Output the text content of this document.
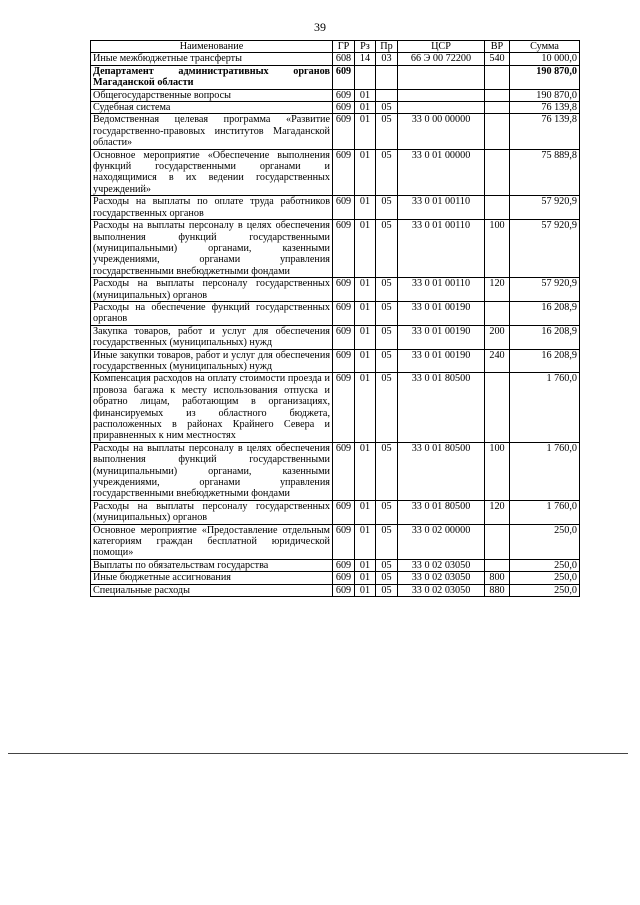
39
Наименование	ГР	Рз	Пр	ЦСР	ВР	Сумма
Иные межбюджетные трансферты	608	14	03	66 Э 00 72200	540	10 000,0
Департамент административных органов Магаданской области	609					190 870,0
Общегосударственные вопросы	609	01				190 870,0
Судебная система	609	01	05			76 139,8
Ведомственная целевая программа «Развитие государственно-правовых институтов Магаданской области»	609	01	05	33 0 00 00000		76 139,8
Основное мероприятие «Обеспечение выполнения функций государственными органами и находящимися в их ведении государственных учреждений»	609	01	05	33 0 01 00000		75 889,8
Расходы на выплаты по оплате труда работников государственных органов	609	01	05	33 0 01 00110		57 920,9
Расходы на выплаты персоналу в целях обеспечения выполнения функций государственными (муниципальными) органами, казенными учреждениями, органами управления государственными внебюджетными фондами	609	01	05	33 0 01 00110	100	57 920,9
Расходы на выплаты персоналу государственных (муниципальных) органов	609	01	05	33 0 01 00110	120	57 920,9
Расходы на обеспечение функций государственных органов	609	01	05	33 0 01 00190		16 208,9
Закупка товаров, работ и услуг для обеспечения государственных (муниципальных) нужд	609	01	05	33 0 01 00190	200	16 208,9
Иные закупки товаров, работ и услуг для обеспечения государственных (муниципальных) нужд	609	01	05	33 0 01 00190	240	16 208,9
Компенсация расходов на оплату стоимости проезда и провоза багажа к месту использования отпуска и обратно лицам, работающим в организациях, финансируемых из областного бюджета, расположенных в районах Крайнего Севера и приравненных к ним местностях	609	01	05	33 0 01 80500		1 760,0
Расходы на выплаты персоналу в целях обеспечения выполнения функций государственными (муниципальными) органами, казенными учреждениями, органами управления государственными внебюджетными фондами	609	01	05	33 0 01 80500	100	1 760,0
Расходы на выплаты персоналу государственных (муниципальных) органов	609	01	05	33 0 01 80500	120	1 760,0
Основное мероприятие «Предоставление отдельным категориям граждан бесплатной юридической помощи»	609	01	05	33 0 02 00000		250,0
Выплаты по обязательствам государства	609	01	05	33 0 02 03050		250,0
Иные бюджетные ассигнования	609	01	05	33 0 02 03050	800	250,0
Специальные расходы	609	01	05	33 0 02 03050	880	250,0
